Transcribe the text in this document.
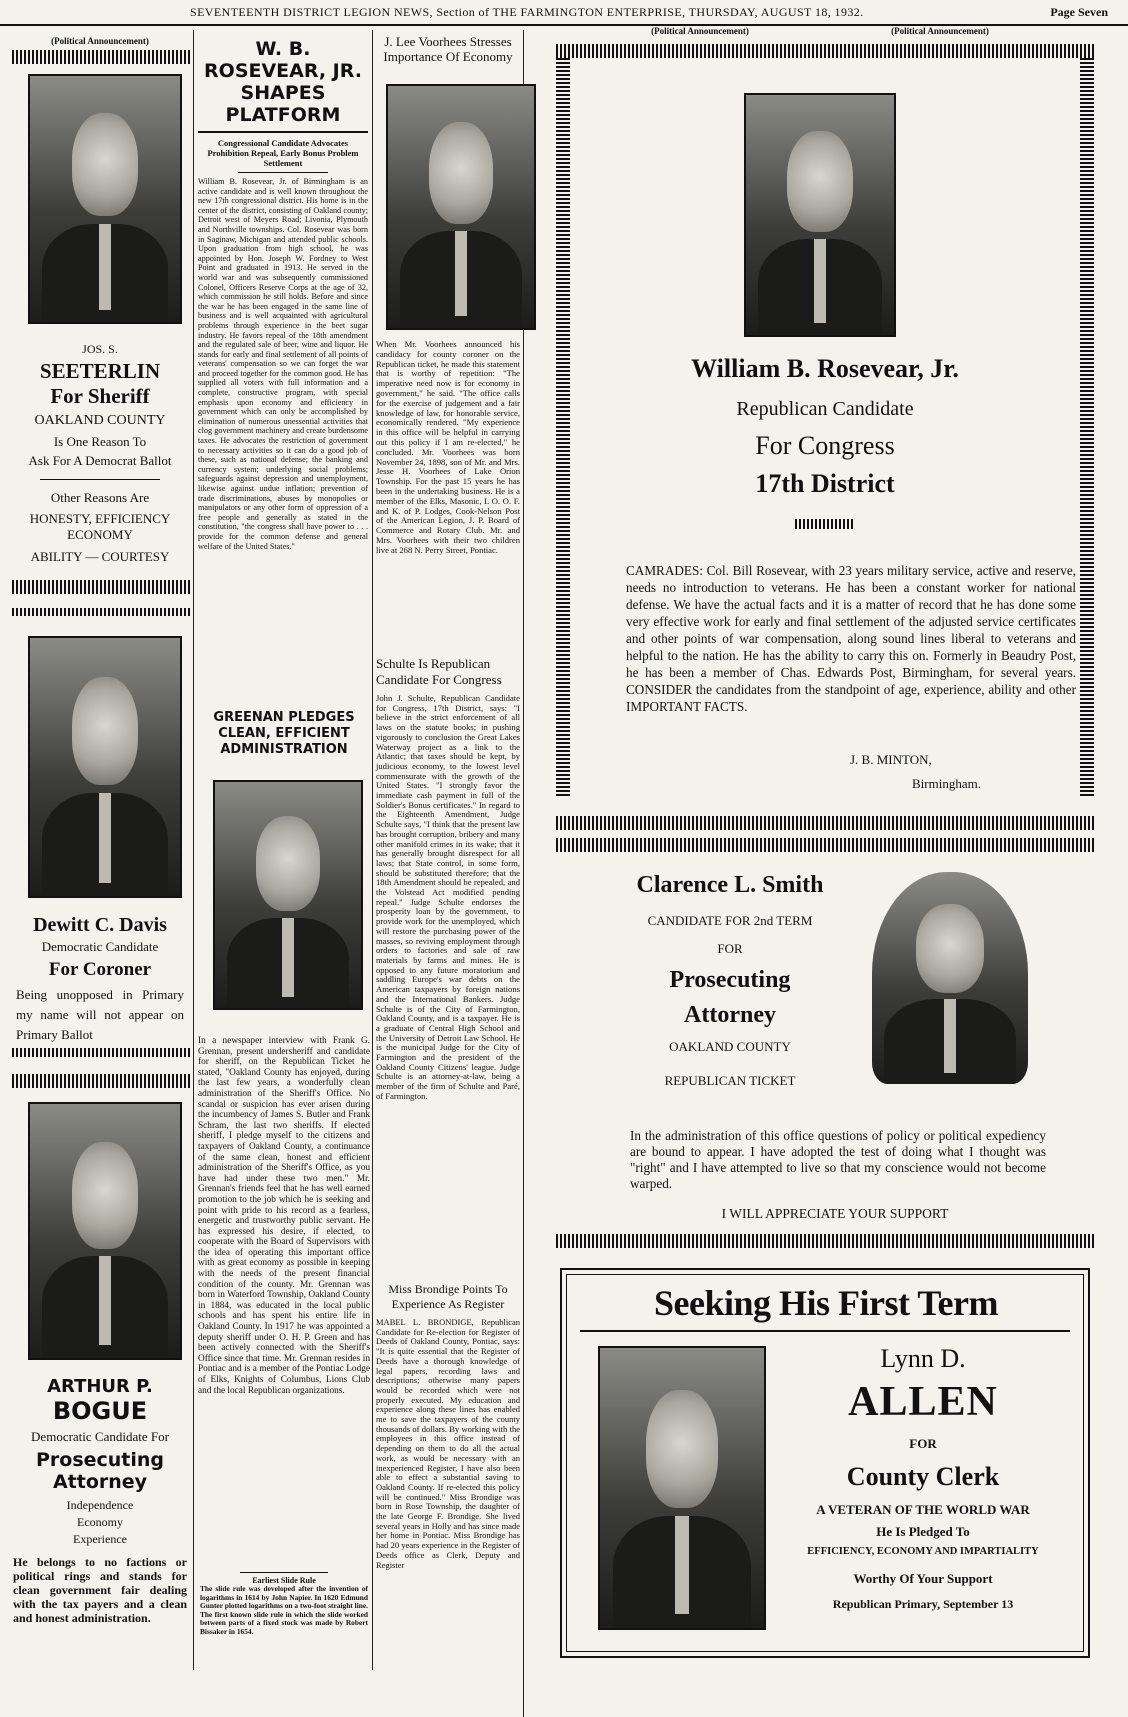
SEVENTEENTH DISTRICT LEGION NEWS, Section of THE FARMINGTON ENTERPRISE, THURSDAY, AUGUST 18, 1932.	Page Seven
(Political Announcement)
JOS. S.
SEETERLIN
For Sheriff
OAKLAND COUNTY
Is One Reason To
Ask For A Democrat Ballot
Other Reasons Are
HONESTY, EFFICIENCY
ECONOMY
ABILITY — COURTESY
Dewitt C. Davis
Democratic Candidate
For Coroner
Being unopposed in Primary my name will not appear on Primary Ballot
ARTHUR P.
BOGUE
Democratic Candidate For
Prosecuting
Attorney
Independence
Economy
Experience
He belongs to no factions or political rings and stands for clean government fair dealing with the tax payers and a clean and honest administration.
W. B. ROSEVEAR, JR.
SHAPES PLATFORM
Congressional Candidate Advocates Prohibition Repeal, Early Bonus Problem Settlement
William B. Rosevear, Jr. of Birmingham is an active candidate and is well known throughout the new 17th congressional district. His home is in the center of the district, consisting of Oakland county; Detroit west of Meyers Road; Livonia, Plymouth and Northville townships. Col. Rosevear was born in Saginaw, Michigan and attended public schools. Upon graduation from high school, he was appointed by Hon. Joseph W. Fordney to West Point and graduated in 1913. He served in the world war and was subsequently commissioned Colonel, Officers Reserve Corps at the age of 32, which commission he still holds. Before and since the war he has been engaged in the same line of business and is well acquainted with agricultural problems through experience in the beet sugar industry. He favors repeal of the 18th amendment and the regulated sale of beer, wine and liquor. He stands for early and final settlement of all points of veterans' compensation so we can forget the war and proceed together for the common good. He has supplied all voters with full information and a complete, constructive program, with special emphasis upon economy and efficiency in government which can only be accomplished by elimination of numerous unessential activities that clog government machinery and create burdensome taxes. He advocates the restriction of government to necessary activities so it can do a good job of these, such as national defense; the banking and currency system; underlying social problems; safeguards against depression and unemployment, likewise against undue inflation; prevention of trade discriminations, abuses by monopolies or manipulators or any other form of oppression of a free people and generally as stated in the constitution, "the congress shall have power to . . . provide for the common defense and general welfare of the United States."
GREENAN PLEDGES CLEAN, EFFICIENT ADMINISTRATION
In a newspaper interview with Frank G. Grennan, present undersheriff and candidate for sheriff, on the Republican Ticket he stated, "Oakland County has enjoyed, during the last few years, a wonderfully clean administration of the Sheriff's Office. No scandal or suspicion has ever arisen during the incumbency of James S. Butler and Frank Schram, the last two sheriffs. If elected sheriff, I pledge myself to the citizens and taxpayers of Oakland County, a continuance of the same clean, honest and efficient administration of the Sheriff's Office, as you have had under these two men." Mr. Grennan's friends feel that he has well earned promotion to the job which he is seeking and point with pride to his record as a fearless, energetic and trustworthy public servant. He has expressed his desire, if elected, to cooperate with the Board of Supervisors with the idea of operating this important office with as great economy as possible in keeping with the needs of the present financial condition of the county. Mr. Grennan was born in Waterford Township, Oakland County in 1884, was educated in the local public schools and has spent his entire life in Oakland County. In 1917 he was appointed a deputy sheriff under O. H. P. Green and has been actively connected with the Sheriff's Office since that time. Mr. Grennan resides in Pontiac and is a member of the Pontiac Lodge of Elks, Knights of Columbus, Lions Club and the local Republican organizations.
Earliest Slide Rule
The slide rule was developed after the invention of logarithms in 1614 by John Napier. In 1620 Edmund Gunter plotted logarithms on a two-foot straight line. The first known slide rule in which the slide worked between parts of a fixed stock was made by Robert Bissaker in 1654.
J. Lee Voorhees Stresses Importance Of Economy
When Mr. Voorhees announced his candidacy for county coroner on the Republican ticket, he made this statement that is worthy of repetition: "The imperative need now is for economy in government," he said. "The office calls for the exercise of judgement and a fair knowledge of law, for honorable service, economically rendered. "My experience in this office will be helpful in carrying out this policy if I am re-elected," he concluded. Mr. Voorhees was born November 24, 1898, son of Mr. and Mrs. Jesse H. Voorhees of Lake Orion Township. For the past 15 years he has been in the undertaking business. He is a member of the Elks, Masonic, I. O. O. F. and K. of P. Lodges, Cook-Nelson Post of the American Legion, J. P. Board of Commerce and Rotary Club. Mr. and Mrs. Voorhees with their two children live at 268 N. Perry Street, Pontiac.
Schulte Is Republican Candidate For Congress
John J. Schulte, Republican Candidate for Congress, 17th District, says: "I believe in the strict enforcement of all laws on the statute books; in pushing vigorously to conclusion the Great Lakes Waterway project as a link to the Atlantic; that taxes should be kept, by judicious economy, to the lowest level commensurate with the growth of the United States. "I strongly favor the immediate cash payment in full of the Soldier's Bonus certificates." In regard to the Eighteenth Amendment, Judge Schulte says, "I think that the present law has brought corruption, bribery and many other manifold crimes in its wake; that it has generally brought disrespect for all laws; that State control, in some form, should be substituted therefore; that the 18th Amendment should be repealed, and the Volstead Act modified pending repeal." Judge Schulte endorses the prosperity loan by the government, to provide work for the unemployed, which will restore the purchasing power of the masses, so reviving employment through orders to factories and sale of raw materials by farms and mines. He is opposed to any future moratorium and saddling Europe's war debts on the American taxpayers by foreign nations and the International Bankers. Judge Schulte is of the City of Farmington, Oakland County, and is a taxpayer. He is a graduate of Central High School and the University of Detroit Law School. He is the municipal Judge for the City of Farmington and the president of the Oakland County Citizens' league. Judge Schulte is an attorney-at-law, being a member of the firm of Schulte and Paré, of Farmington.
Miss Brondige Points To Experience As Register
MABEL L. BRONDIGE, Republican Candidate for Re-election for Register of Deeds of Oakland County, Pontiac, says: "It is quite essential that the Register of Deeds have a thorough knowledge of legal papers, recording laws and descriptions; otherwise many papers would be recorded which were not properly executed. My education and experience along these lines has enabled me to save the taxpayers of the county thousands of dollars. By working with the employees in this office instead of depending on them to do all the actual work, as would be necessary with an inexperienced Register, I have also been able to effect a substantial saving to Oakland County. If re-elected this policy will be continued." Miss Brondige was born in Rose Township, the daughter of the late George F. Brondige. She lived several years in Holly and has since made her home in Pontiac. Miss Brondige has had 20 years experience in the Register of Deeds office as Clerk, Deputy and Register
(Political Announcement)	(Political Announcement)
William B. Rosevear, Jr.
Republican Candidate
For Congress
17th District
CAMRADES: Col. Bill Rosevear, with 23 years military service, active and reserve, needs no introduction to veterans. He has been a constant worker for national defense. We have the actual facts and it is a matter of record that he has done some very effective work for early and final settlement of the adjusted service certificates and other points of war compensation, along sound lines liberal to veterans and helpful to the nation. He has the ability to carry this on. Formerly in Beaudry Post, he has been a member of Chas. Edwards Post, Birmingham, for several years. CONSIDER the candidates from the standpoint of age, experience, ability and other IMPORTANT FACTS.
J. B. MINTON,
Birmingham.
Clarence L. Smith
CANDIDATE FOR 2nd TERM
FOR
Prosecuting
Attorney
OAKLAND COUNTY
REPUBLICAN TICKET
In the administration of this office questions of policy or political expediency are bound to appear. I have adopted the test of doing what I thought was "right" and I have attempted to live so that my conscience would not become warped.
I WILL APPRECIATE YOUR SUPPORT
Seeking His First Term
Lynn D.
ALLEN
FOR
County Clerk
A VETERAN OF THE WORLD WAR
He Is Pledged To
EFFICIENCY, ECONOMY AND IMPARTIALITY
Worthy Of Your Support
Republican Primary, September 13
